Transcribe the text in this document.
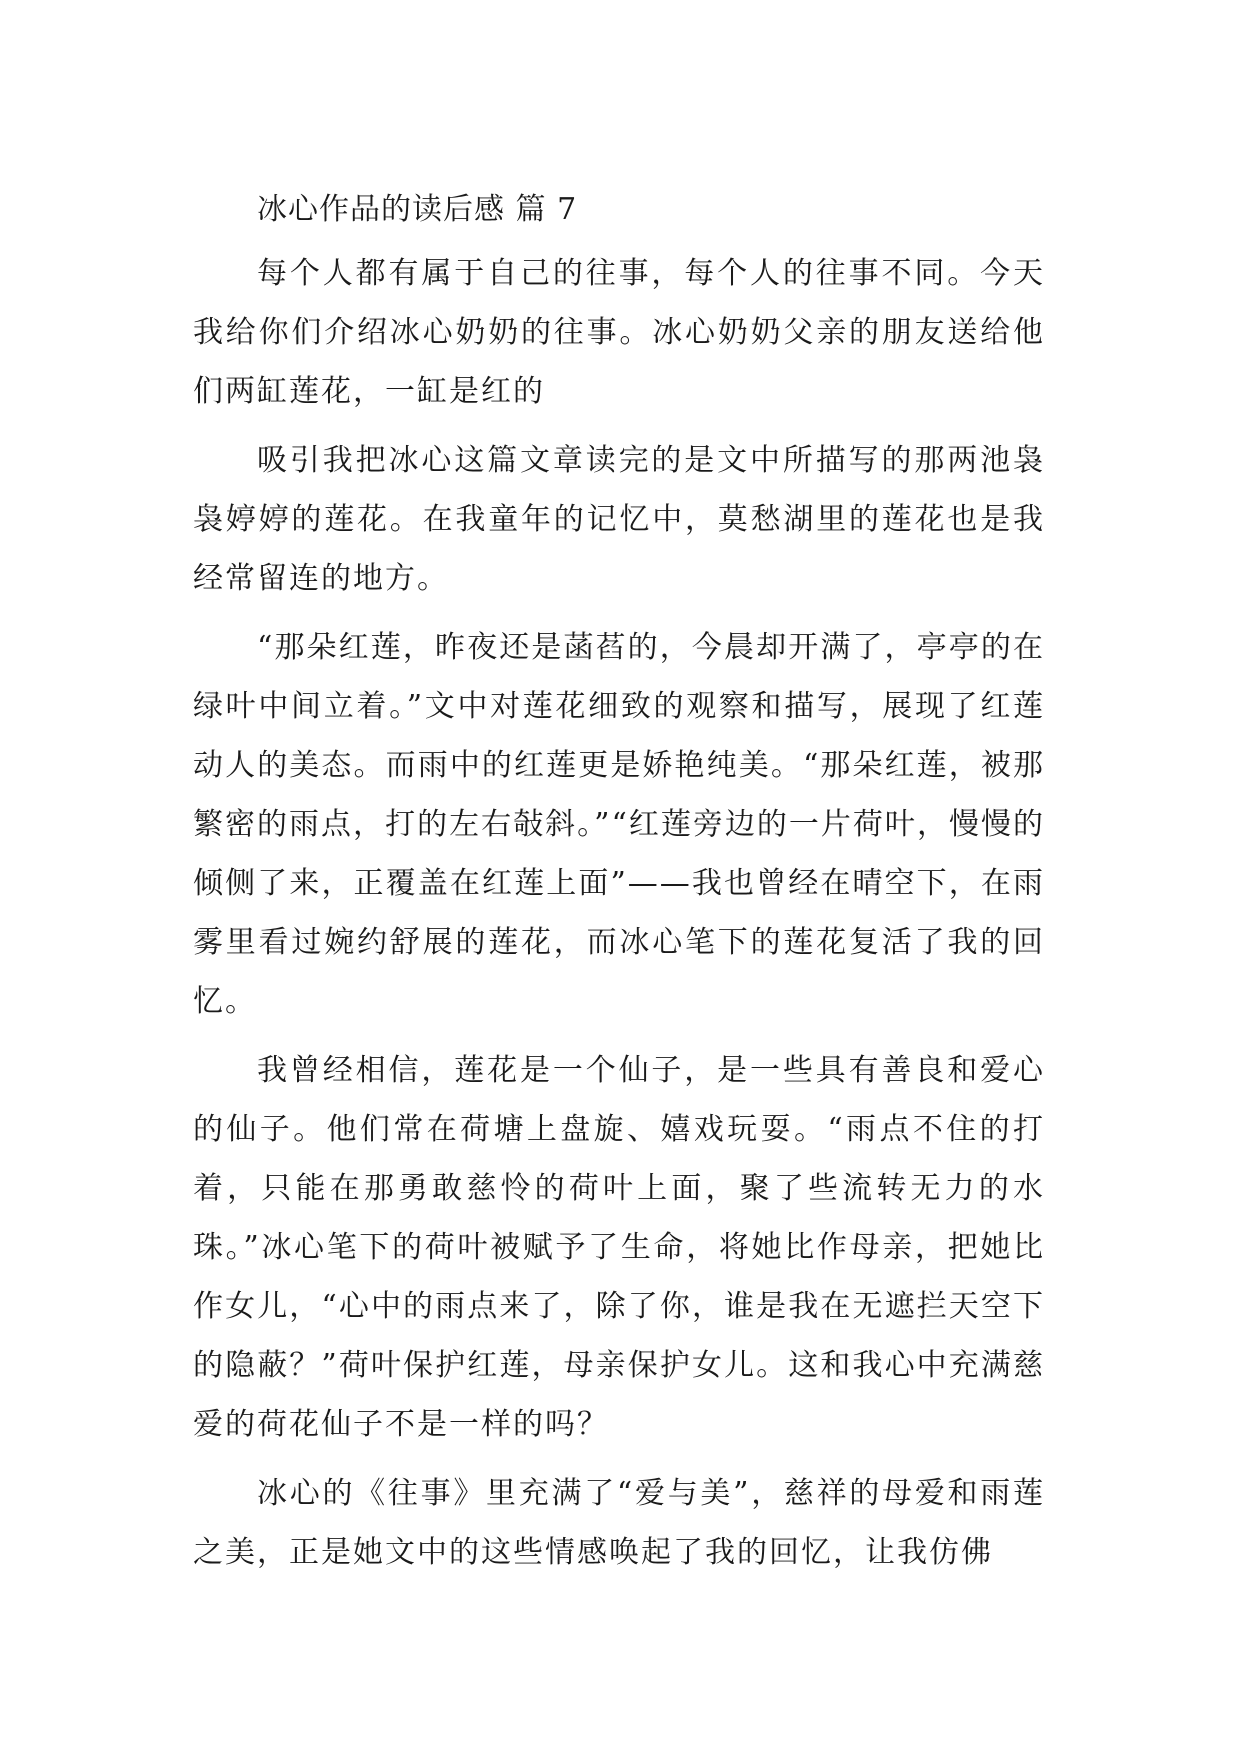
冰心作品的读后感 篇 7

每个人都有属于自己的往事，每个人的往事不同。今天我给你们介绍冰心奶奶的往事。冰心奶奶父亲的朋友送给他们两缸莲花，一缸是红的

吸引我把冰心这篇文章读完的是文中所描写的那两池袅袅婷婷的莲花。在我童年的记忆中，莫愁湖里的莲花也是我经常留连的地方。

“那朵红莲，昨夜还是菡萏的，今晨却开满了，亭亭的在绿叶中间立着。”文中对莲花细致的观察和描写，展现了红莲动人的美态。而雨中的红莲更是娇艳纯美。“那朵红莲，被那繁密的雨点，打的左右敧斜。”“红莲旁边的一片荷叶，慢慢的倾侧了来，正覆盖在红莲上面”——我也曾经在晴空下，在雨雾里看过婉约舒展的莲花，而冰心笔下的莲花复活了我的回忆。

我曾经相信，莲花是一个仙子，是一些具有善良和爱心的仙子。他们常在荷塘上盘旋、嬉戏玩耍。“雨点不住的打着，只能在那勇敢慈怜的荷叶上面，聚了些流转无力的水珠。”冰心笔下的荷叶被赋予了生命，将她比作母亲，把她比作女儿，“心中的雨点来了，除了你，谁是我在无遮拦天空下的隐蔽？”荷叶保护红莲，母亲保护女儿。这和我心中充满慈爱的荷花仙子不是一样的吗？

冰心的《往事》里充满了“爱与美”，慈祥的母爱和雨莲之美，正是她文中的这些情感唤起了我的回忆，让我仿佛
